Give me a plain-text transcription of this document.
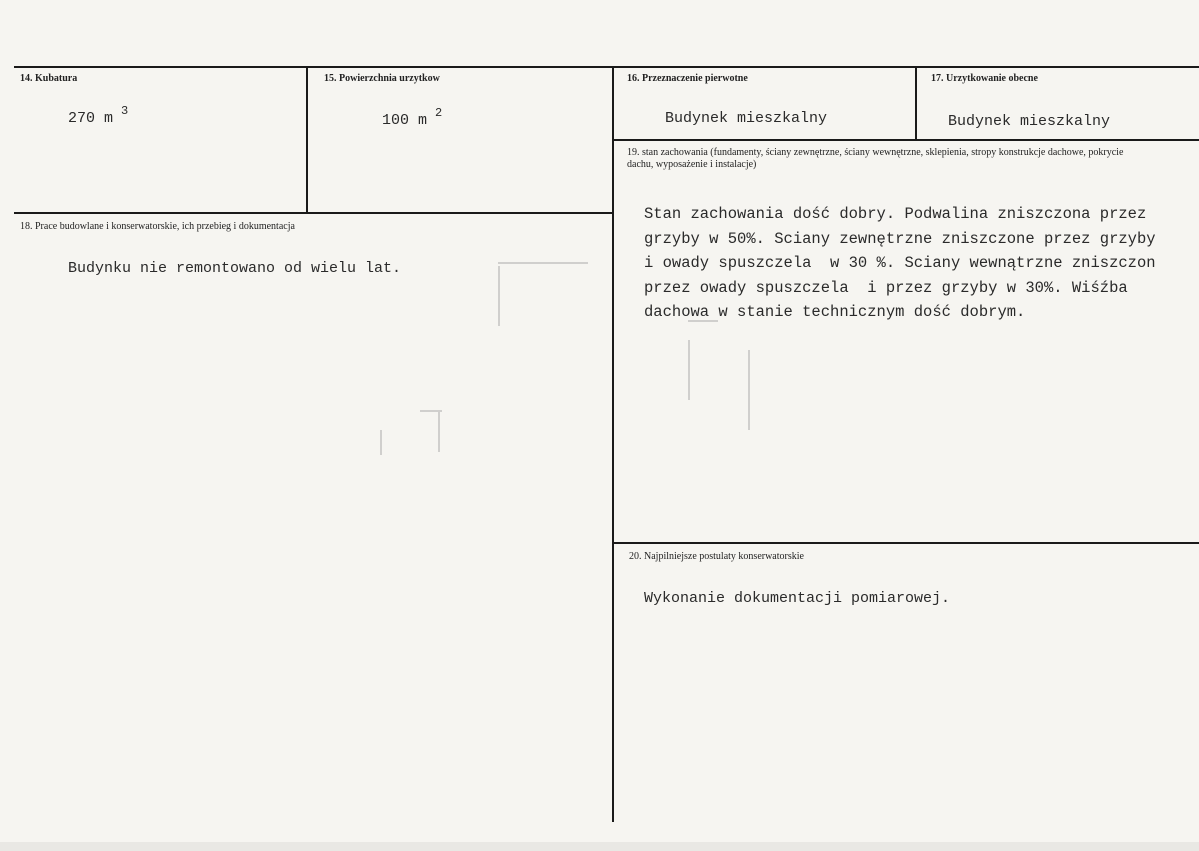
14. Kubatura
270 m $^3$
15. Powierzchnia urzytkow
100 m $^2$
16. Przeznaczenie pierwotne
Budynek mieszkalny
17. Urzytkowanie obecne
Budynek mieszkalny
18. Prace budowlane i konserwatorskie, ich przebieg i dokumentacja
Budynku nie remontowano od wielu lat.
19. stan zachowania (fundamenty, ściany zewnętrzne, ściany wewnętrzne, sklepienia, stropy konstrukcje dachowe, pokrycie dachu, wyposażenie i instalacje)
Stan zachowania dość dobry. Podwalina zniszczona przez
grzyby w 50%. Sciany zewnętrzne zniszczone przez grzyby
i owady spuszczela  w 30 %. Sciany wewnątrzne zniszczon
przez owady spuszczela  i przez grzyby w 30%. Wiśźba
dachowa w stanie technicznym dość dobrym.
20. Najpilniejsze postulaty konserwatorskie
Wykonanie dokumentacji pomiarowej.
